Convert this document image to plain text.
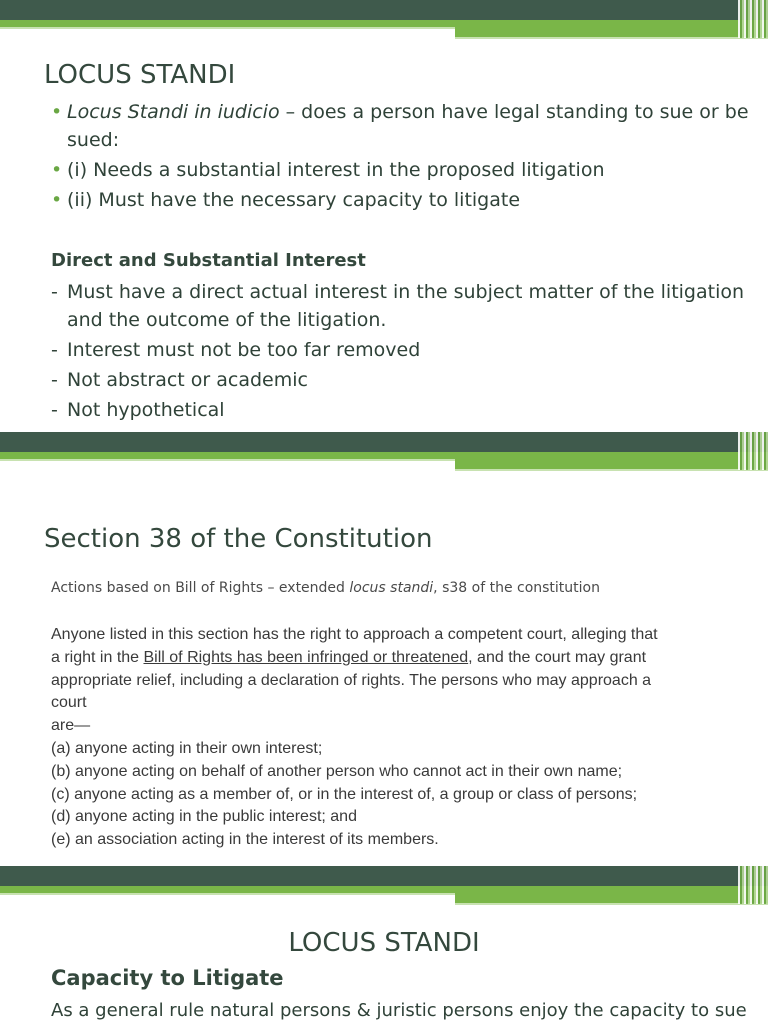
LOCUS STANDI
• Locus Standi in iudicio – does a person have legal standing to sue or be
sued:
• (i) Needs a substantial interest in the proposed litigation
• (ii) Must have the necessary capacity to litigate
Direct and Substantial Interest
- Must have a direct actual interest in the subject matter of the litigation
and the outcome of the litigation.
- Interest must not be too far removed
- Not abstract or academic
- Not hypothetical
Section 38 of the Constitution
Actions based on Bill of Rights – extended locus standi, s38 of the constitution
Anyone listed in this section has the right to approach a competent court, alleging that
a right in the Bill of Rights has been infringed or threatened, and the court may grant
appropriate relief, including a declaration of rights. The persons who may approach a
court
are—
(a) anyone acting in their own interest;
(b) anyone acting on behalf of another person who cannot act in their own name;
(c) anyone acting as a member of, or in the interest of, a group or class of persons;
(d) anyone acting in the public interest; and
(e) an association acting in the interest of its members.
LOCUS STANDI
Capacity to Litigate
As a general rule natural persons & juristic persons enjoy the capacity to sue
